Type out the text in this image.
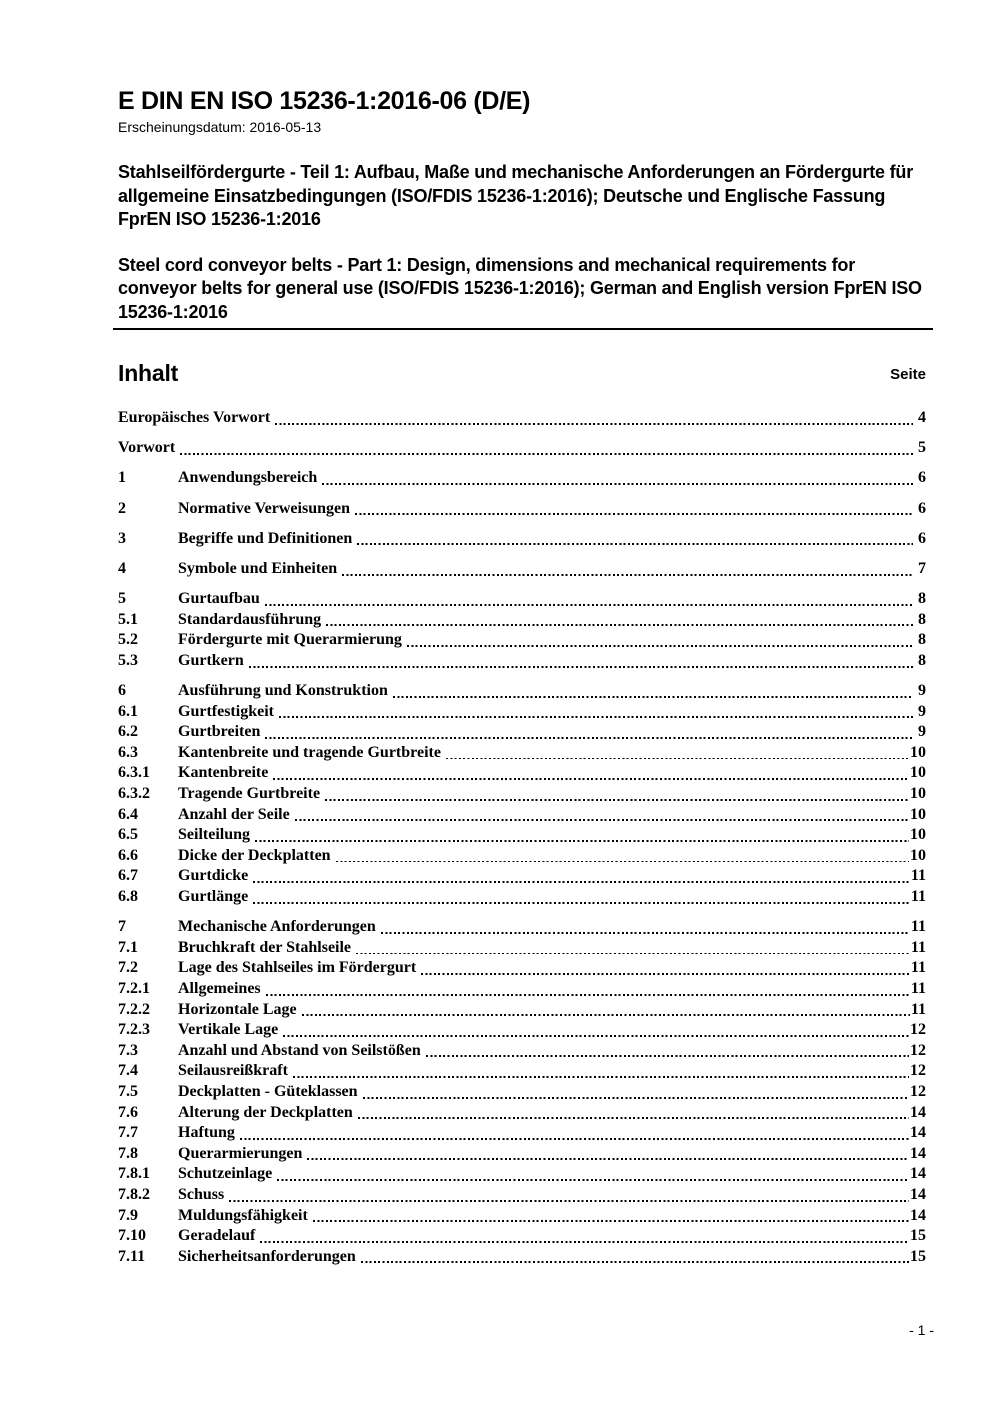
E DIN EN ISO 15236-1:2016-06 (D/E)
Erscheinungsdatum: 2016-05-13
Stahlseilfördergurte - Teil 1: Aufbau, Maße und mechanische Anforderungen an Fördergurte für allgemeine Einsatzbedingungen (ISO/FDIS 15236-1:2016); Deutsche und Englische Fassung FprEN ISO 15236-1:2016
Steel cord conveyor belts - Part 1: Design, dimensions and mechanical requirements for conveyor belts for general use (ISO/FDIS 15236-1:2016); German and English version FprEN ISO 15236-1:2016
Inhalt	Seite
Europäisches Vorwort	4
Vorwort	5
1	Anwendungsbereich	6
2	Normative Verweisungen	6
3	Begriffe und Definitionen	6
4	Symbole und Einheiten	7
5	Gurtaufbau	8
5.1	Standardausführung	8
5.2	Fördergurte mit Querarmierung	8
5.3	Gurtkern	8
6	Ausführung und Konstruktion	9
6.1	Gurtfestigkeit	9
6.2	Gurtbreiten	9
6.3	Kantenbreite und tragende Gurtbreite	10
6.3.1	Kantenbreite	10
6.3.2	Tragende Gurtbreite	10
6.4	Anzahl der Seile	10
6.5	Seilteilung	10
6.6	Dicke der Deckplatten	10
6.7	Gurtdicke	11
6.8	Gurtlänge	11
7	Mechanische Anforderungen	11
7.1	Bruchkraft der Stahlseile	11
7.2	Lage des Stahlseiles im Fördergurt	11
7.2.1	Allgemeines	11
7.2.2	Horizontale Lage	11
7.2.3	Vertikale Lage	12
7.3	Anzahl und Abstand von Seilstößen	12
7.4	Seilausreißkraft	12
7.5	Deckplatten - Güteklassen	12
7.6	Alterung der Deckplatten	14
7.7	Haftung	14
7.8	Querarmierungen	14
7.8.1	Schutzeinlage	14
7.8.2	Schuss	14
7.9	Muldungsfähigkeit	14
7.10	Geradelauf	15
7.11	Sicherheitsanforderungen	15
- 1 -
